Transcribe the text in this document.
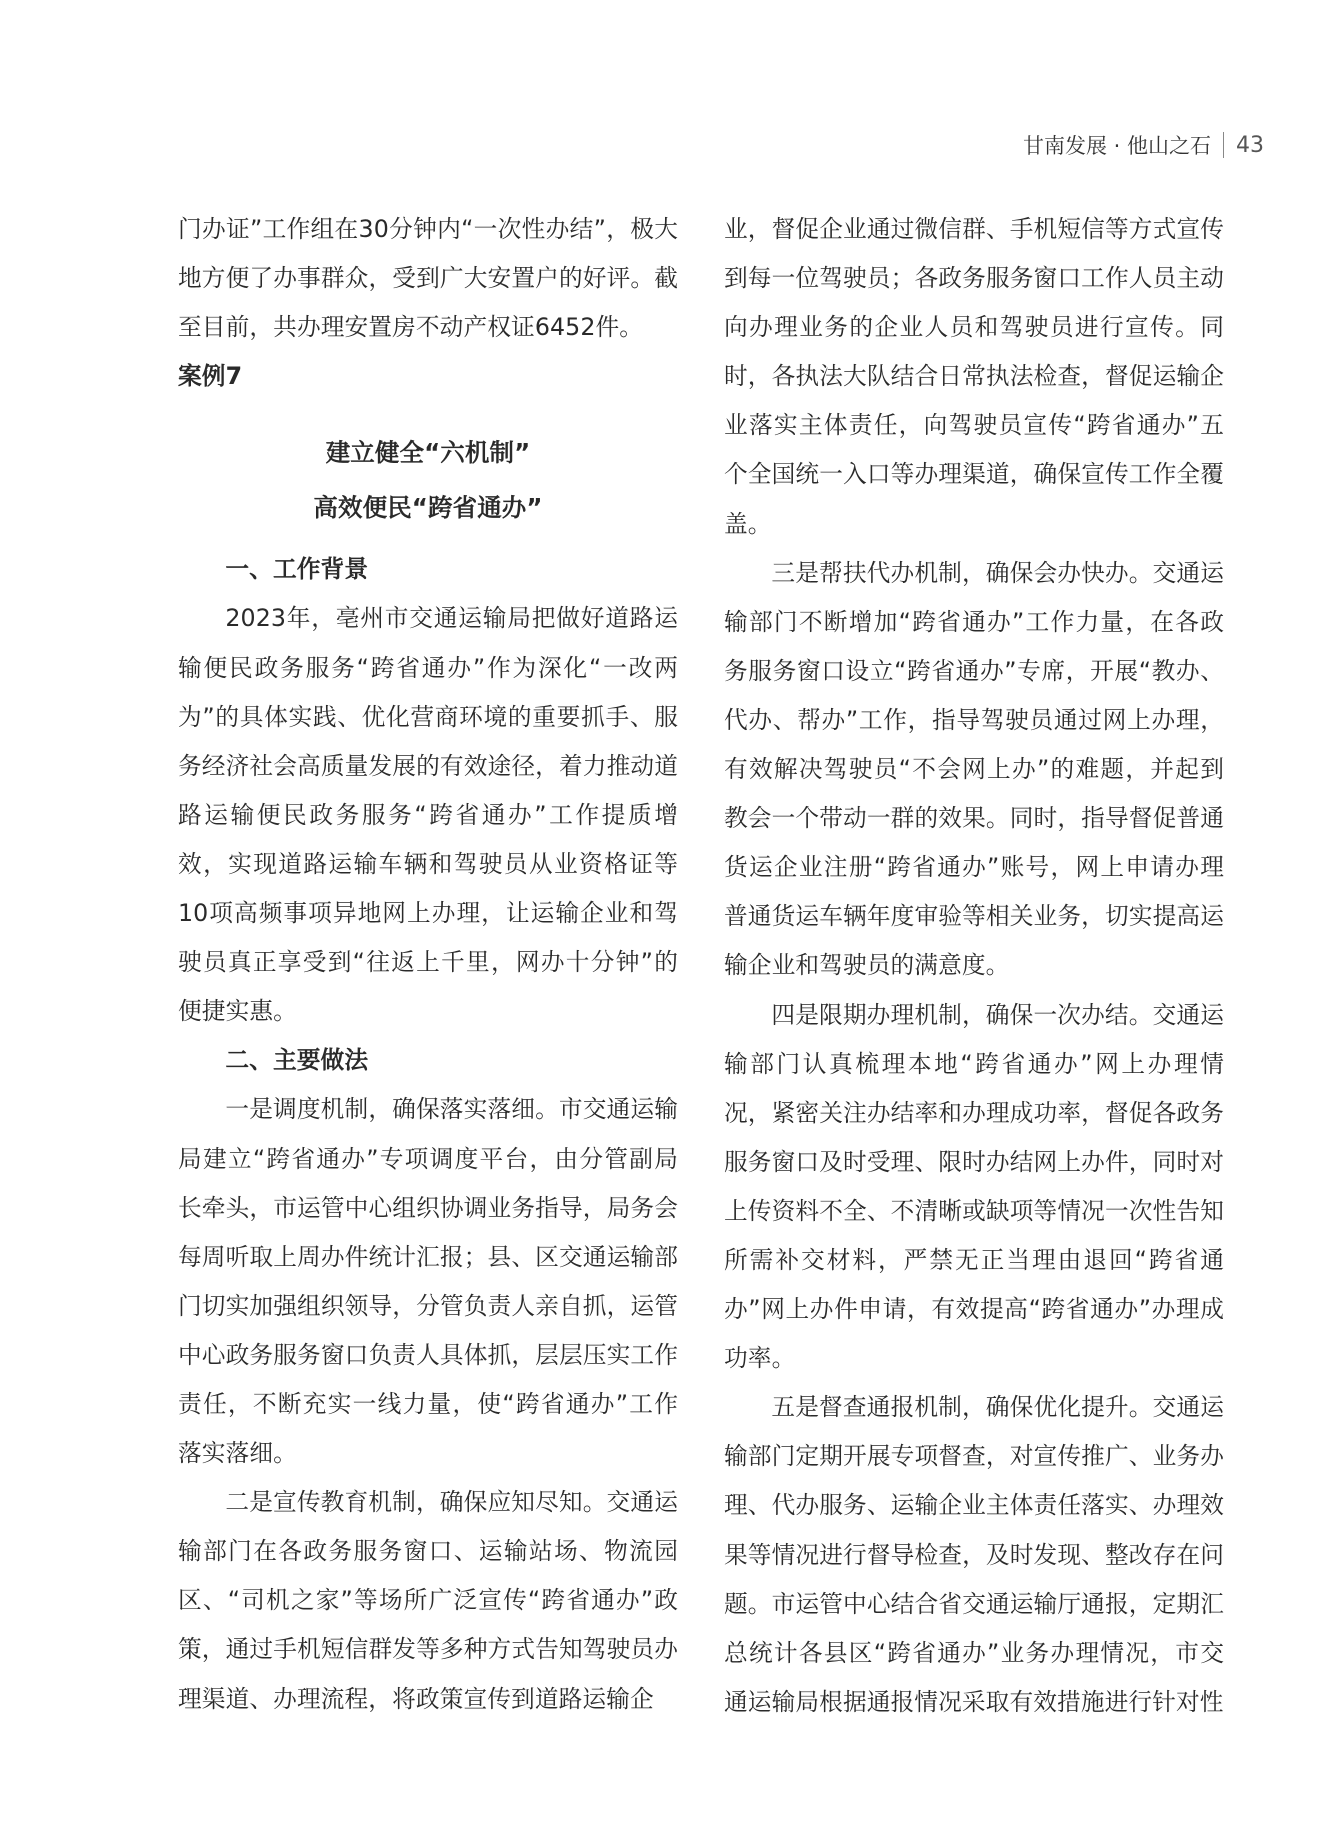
甘南发展 · 他山之石 43

门办证”工作组在30分钟内“一次性办结”，极大地方便了办事群众，受到广大安置户的好评。截至目前，共办理安置房不动产权证6452件。

案例7

建立健全“六机制”
高效便民“跨省通办”

一、工作背景

2023年，亳州市交通运输局把做好道路运输便民政务服务“跨省通办”作为深化“一改两为”的具体实践、优化营商环境的重要抓手、服务经济社会高质量发展的有效途径，着力推动道路运输便民政务服务“跨省通办”工作提质增效，实现道路运输车辆和驾驶员从业资格证等10项高频事项异地网上办理，让运输企业和驾驶员真正享受到“往返上千里，网办十分钟”的便捷实惠。

二、主要做法

一是调度机制，确保落实落细。市交通运输局建立“跨省通办”专项调度平台，由分管副局长牵头，市运管中心组织协调业务指导，局务会每周听取上周办件统计汇报；县、区交通运输部门切实加强组织领导，分管负责人亲自抓，运管中心政务服务窗口负责人具体抓，层层压实工作责任，不断充实一线力量，使“跨省通办”工作落实落细。

二是宣传教育机制，确保应知尽知。交通运输部门在各政务服务窗口、运输站场、物流园区、“司机之家”等场所广泛宣传“跨省通办”政策，通过手机短信群发等多种方式告知驾驶员办理渠道、办理流程，将政策宣传到道路运输企

业，督促企业通过微信群、手机短信等方式宣传到每一位驾驶员；各政务服务窗口工作人员主动向办理业务的企业人员和驾驶员进行宣传。同时，各执法大队结合日常执法检查，督促运输企业落实主体责任，向驾驶员宣传“跨省通办”五个全国统一入口等办理渠道，确保宣传工作全覆盖。

三是帮扶代办机制，确保会办快办。交通运输部门不断增加“跨省通办”工作力量，在各政务服务窗口设立“跨省通办”专席，开展“教办、代办、帮办”工作，指导驾驶员通过网上办理，有效解决驾驶员“不会网上办”的难题，并起到教会一个带动一群的效果。同时，指导督促普通货运企业注册“跨省通办”账号，网上申请办理普通货运车辆年度审验等相关业务，切实提高运输企业和驾驶员的满意度。

四是限期办理机制，确保一次办结。交通运输部门认真梳理本地“跨省通办”网上办理情况，紧密关注办结率和办理成功率，督促各政务服务窗口及时受理、限时办结网上办件，同时对上传资料不全、不清晰或缺项等情况一次性告知所需补交材料，严禁无正当理由退回“跨省通办”网上办件申请，有效提高“跨省通办”办理成功率。

五是督查通报机制，确保优化提升。交通运输部门定期开展专项督查，对宣传推广、业务办理、代办服务、运输企业主体责任落实、办理效果等情况进行督导检查，及时发现、整改存在问题。市运管中心结合省交通运输厅通报，定期汇总统计各县区“跨省通办”业务办理情况，市交通运输局根据通报情况采取有效措施进行针对性
